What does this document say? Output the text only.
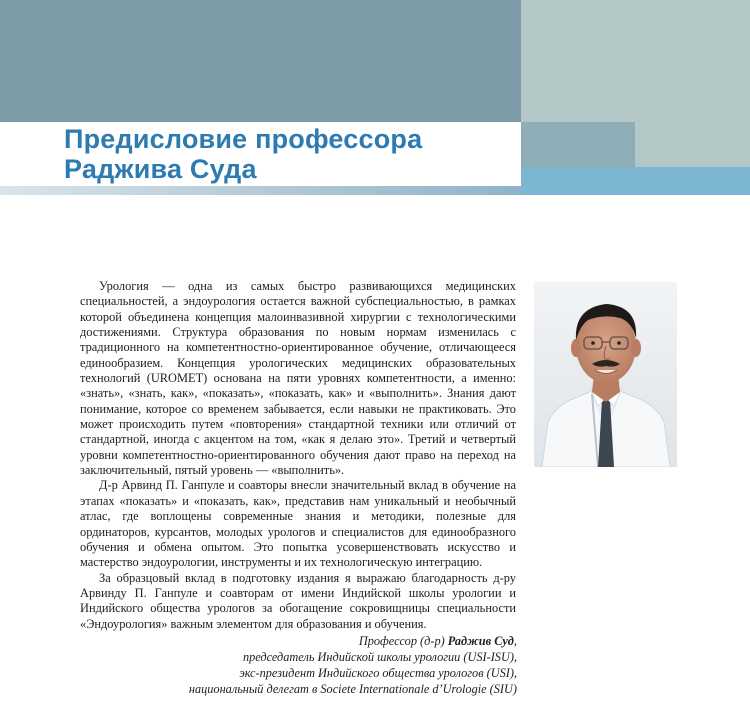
Предисловие профессора
Раджива Суда

Урология — одна из самых быстро развивающихся медицинских специальностей, а эндоурология остается важной субспециальностью, в рамках которой объединена концепция малоинвазивной хирургии с технологическими достижениями. Структура образования по новым нормам изменилась с традиционного на компетентностно-ориентированное обучение, отличающееся единообразием. Концепция урологических медицинских образовательных технологий (UROMET) основана на пяти уровнях компетентности, а именно: «знать», «знать, как», «показать», «показать, как» и «выполнить». Знания дают понимание, которое со временем забывается, если навыки не практиковать. Это может происходить путем «повторения» стандартной техники или отличий от стандартной, иногда с акцентом на том, «как я делаю это». Третий и четвертый уровни компетентностно-ориентированного обучения дают право на переход на заключительный, пятый уровень — «выполнить».

Д-р Арвинд П. Ганпуле и соавторы внесли значительный вклад в обучение на этапах «показать» и «показать, как», представив нам уникальный и необычный атлас, где воплощены современные знания и методики, полезные для ординаторов, курсантов, молодых урологов и специалистов для единообразного обучения и обмена опытом. Это попытка усовершенствовать искусство и мастерство эндоурологии, инструменты и их технологическую интеграцию.

За образцовый вклад в подготовку издания я выражаю благодарность д-ру Арвинду П. Ганпуле и соавторам от имени Индийской школы урологии и Индийского общества урологов за обогащение сокровищницы специальности «Эндоурология» важным элементом для образования и обучения.

Профессор (д-р) Раджив Суд,
председатель Индийской школы урологии (USI-ISU),
экс-президент Индийского общества урологов (USI),
национальный делегат в Societe Internationale d’Urologie (SIU)
